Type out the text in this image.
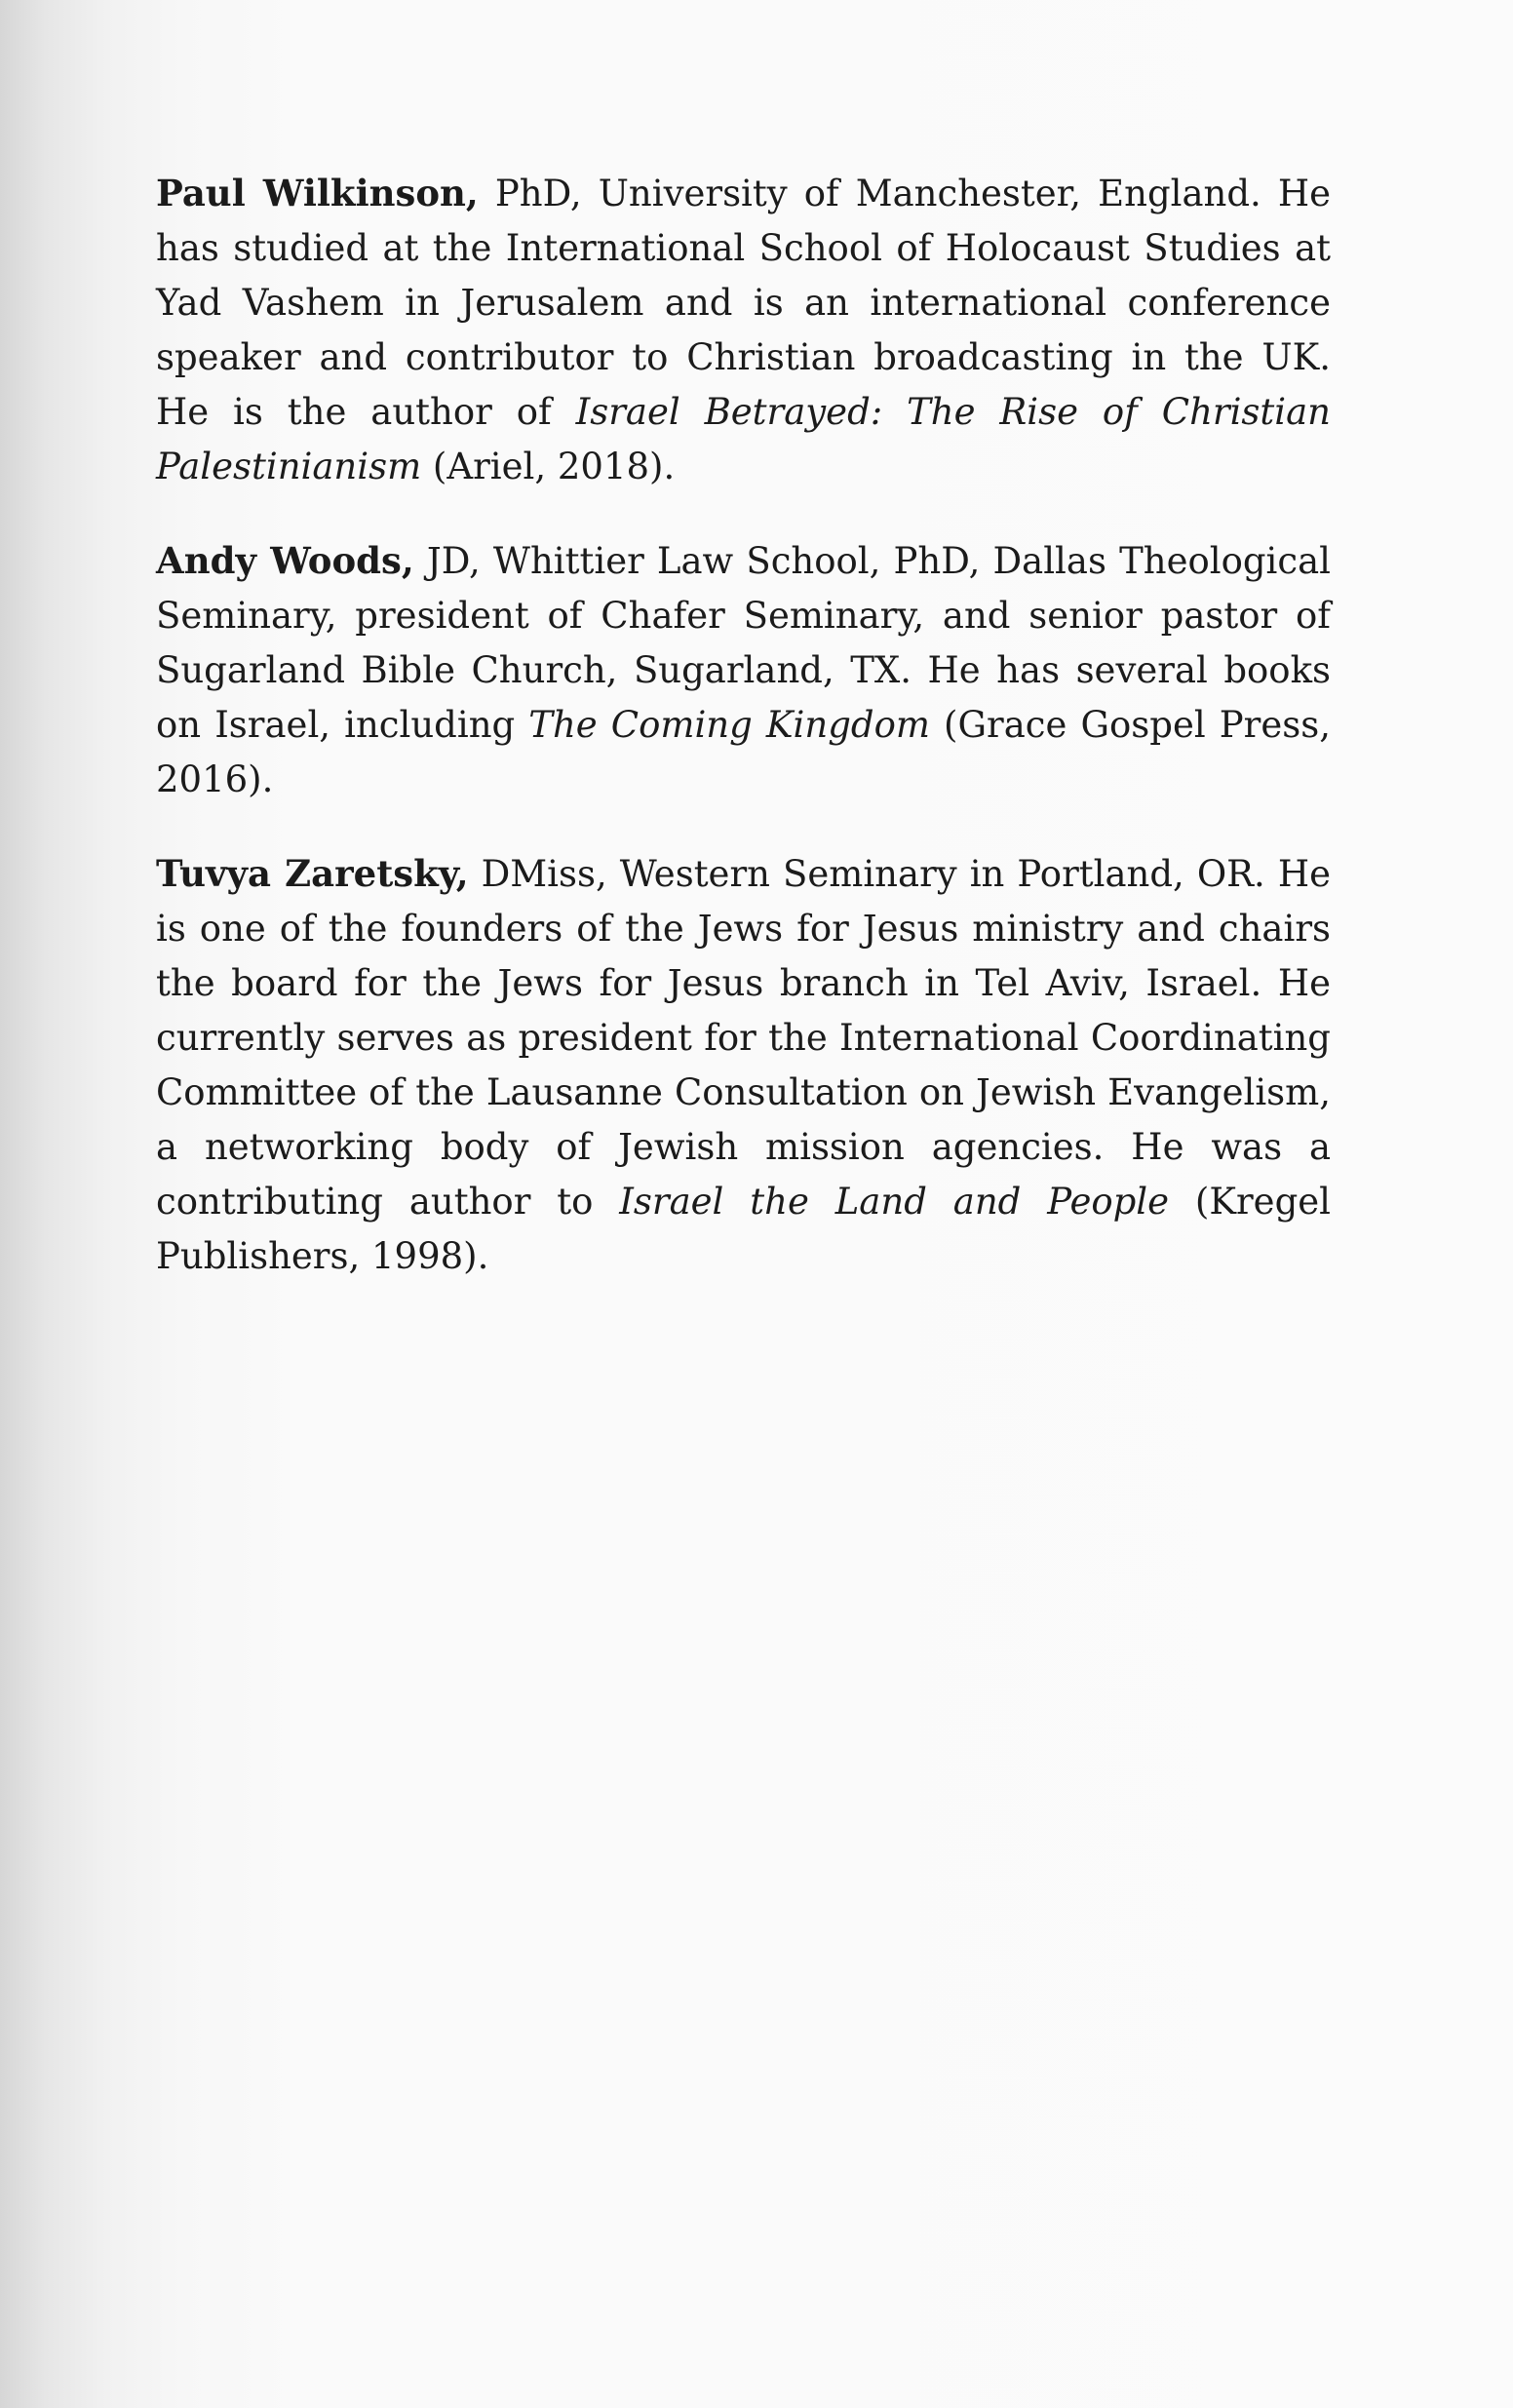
Paul Wilkinson, PhD, University of Manchester, England. He has studied at the International School of Holocaust Studies at Yad Vashem in Jerusalem and is an international conference speaker and contributor to Christian broadcasting in the UK. He is the author of Israel Betrayed: The Rise of Christian Palestinianism (Ariel, 2018).

Andy Woods, JD, Whittier Law School, PhD, Dallas Theological Seminary, president of Chafer Seminary, and senior pastor of Sugarland Bible Church, Sugarland, TX. He has several books on Israel, including The Coming Kingdom (Grace Gospel Press, 2016).

Tuvya Zaretsky, DMiss, Western Seminary in Portland, OR. He is one of the founders of the Jews for Jesus ministry and chairs the board for the Jews for Jesus branch in Tel Aviv, Israel. He currently serves as president for the International Coordinating Committee of the Lausanne Consultation on Jewish Evangelism, a networking body of Jewish mission agencies. He was a contributing author to Israel the Land and People (Kregel Publishers, 1998).
